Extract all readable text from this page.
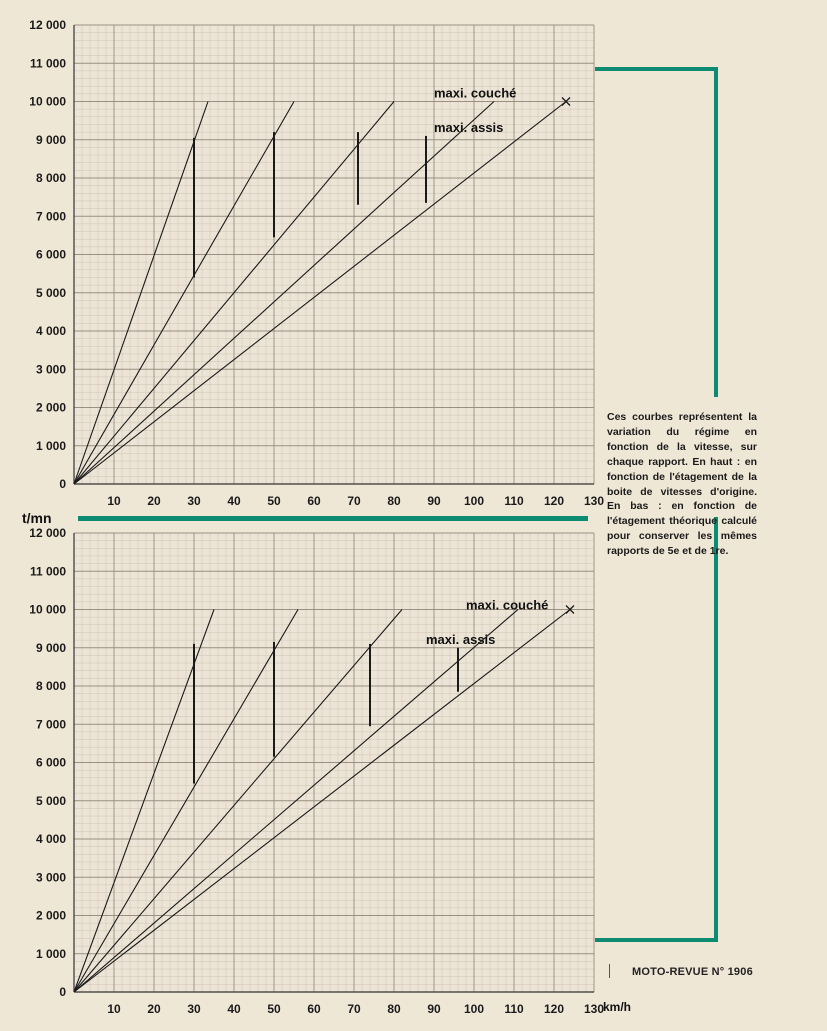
0
1 000
2 000
3 000
4 000
5 000
6 000
7 000
8 000
9 000
10 000
11 000
12 000
10 20 30 40 50 60 70 80 90 100 110 120 130
maxi. couché
maxi. assis
0
1 000
2 000
3 000
4 000
5 000
6 000
7 000
8 000
9 000
10 000
11 000
12 000
10 20 30 40 50 60 70 80 90 100 110 120 130
maxi. couché
maxi. assis
t/mn
km/h

Ces courbes représentent la variation du régime en fonction de la vitesse, sur chaque rapport. En haut : en fonction de l'étagement de la boite de vitesses d'origine. En bas : en fonction de l'étagement théorique calculé pour conserver les mêmes rapports de 5e et de 1re.

MOTO-REVUE N° 1906
